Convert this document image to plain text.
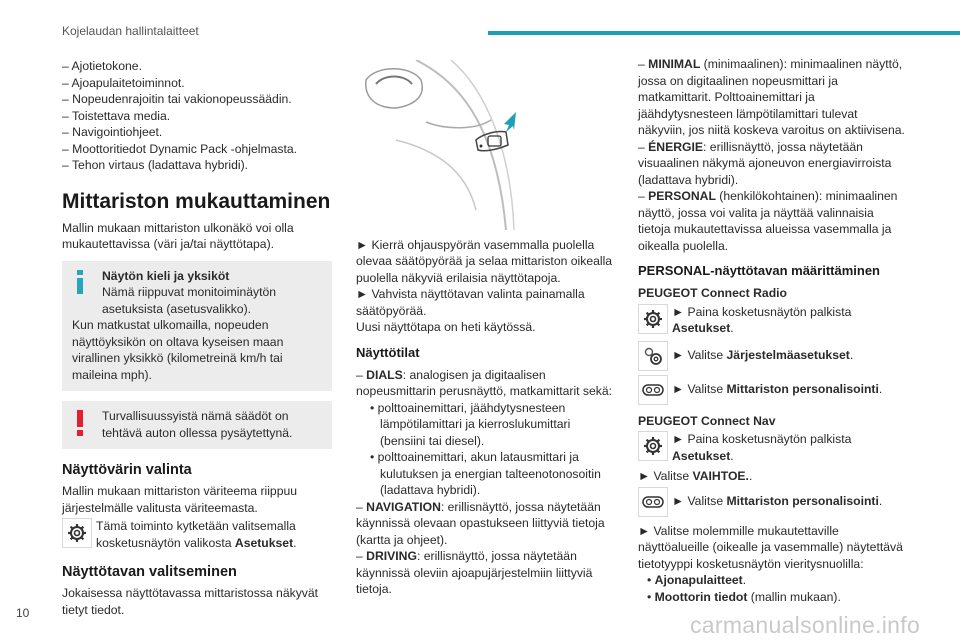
Kojelaudan hallintalaitteet

– Ajotietokone.

– Ajoapulaitetoiminnot.

– Nopeudenrajoitin tai vakionopeussäädin.

– Toistettava media.

– Navigointiohjeet.

– Moottoritiedot Dynamic Pack -ohjelmasta.

– Tehon virtaus (ladattava hybridi).

Mittariston mukauttaminen

Mallin mukaan mittariston ulkonäkö voi olla mukautettavissa (väri ja/tai näyttötapa).

Näytön kieli ja yksiköt
Nämä riippuvat monitoiminäytön asetuksista (asetusvalikko).
Kun matkustat ulkomailla, nopeuden näyttöyksikön on oltava kyseisen maan virallinen yksikkö (kilometreinä km/h tai maileina mph).
Turvallisuussyistä nämä säädöt on tehtävä auton ollessa pysäytettynä.
Näyttövärin valinta

Mallin mukaan mittariston väriteema riippuu järjestelmälle valitusta väriteemasta.

Tämä toiminto kytketään valitsemalla kosketusnäytön valikosta Asetukset.
Näyttötavan valitseminen

Jokaisessa näyttötavassa mittaristossa näkyvät tietyt tiedot.

► Kierrä ohjauspyörän vasemmalla puolella olevaa säätöpyörää ja selaa mittariston oikealla puolella näkyviä erilaisia näyttötapoja.

► Vahvista näyttötavan valinta painamalla säätöpyörää.

Uusi näyttötapa on heti käytössä.

Näyttötilat

– DIALS: analogisen ja digitaalisen nopeusmittarin perusnäyttö, matkamittarit sekä:

• polttoainemittari, jäähdytysnesteen lämpötilamittari ja kierroslukumittari (bensiini tai diesel).

• polttoainemittari, akun latausmittari ja kulutuksen ja energian talteenotonosoitin (ladattava hybridi).

– NAVIGATION: erillisnäyttö, jossa näytetään käynnissä olevaan opastukseen liittyviä tietoja (kartta ja ohjeet).

– DRIVING: erillisnäyttö, jossa näytetään käynnissä oleviin ajoapujärjestelmiin liittyviä tietoja.

– MINIMAL (minimaalinen): minimaalinen näyttö, jossa on digitaalinen nopeusmittari ja matkamittarit. Polttoainemittari ja jäähdytysnesteen lämpötilamittari tulevat näkyviin, jos niitä koskeva varoitus on aktiivisena.

– ÉNERGIE: erillisnäyttö, jossa näytetään visuaalinen näkymä ajoneuvon energiavirroista (ladattava hybridi).

– PERSONAL (henkilökohtainen): minimaalinen näyttö, jossa voi valita ja näyttää valinnaisia tietoja mukautettavissa alueissa vasemmalla ja oikealla puolella.

PERSONAL-näyttötavan määrittäminen
PEUGEOT Connect Radio
► Paina kosketusnäytön palkista Asetukset.
► Valitse Järjestelmäasetukset.
► Valitse Mittariston personalisointi.
PEUGEOT Connect Nav
► Paina kosketusnäytön palkista Asetukset.

► Valitse VAIHTOE..

► Valitse Mittariston personalisointi.

► Valitse molemmille mukautettaville näyttöalueille (oikealle ja vasemmalle) näytettävä tietotyyppi kosketusnäytön vieritysnuolilla:

• Ajonapulaitteet.

• Moottorin tiedot (mallin mukaan).

10	carmanualsonline.info
